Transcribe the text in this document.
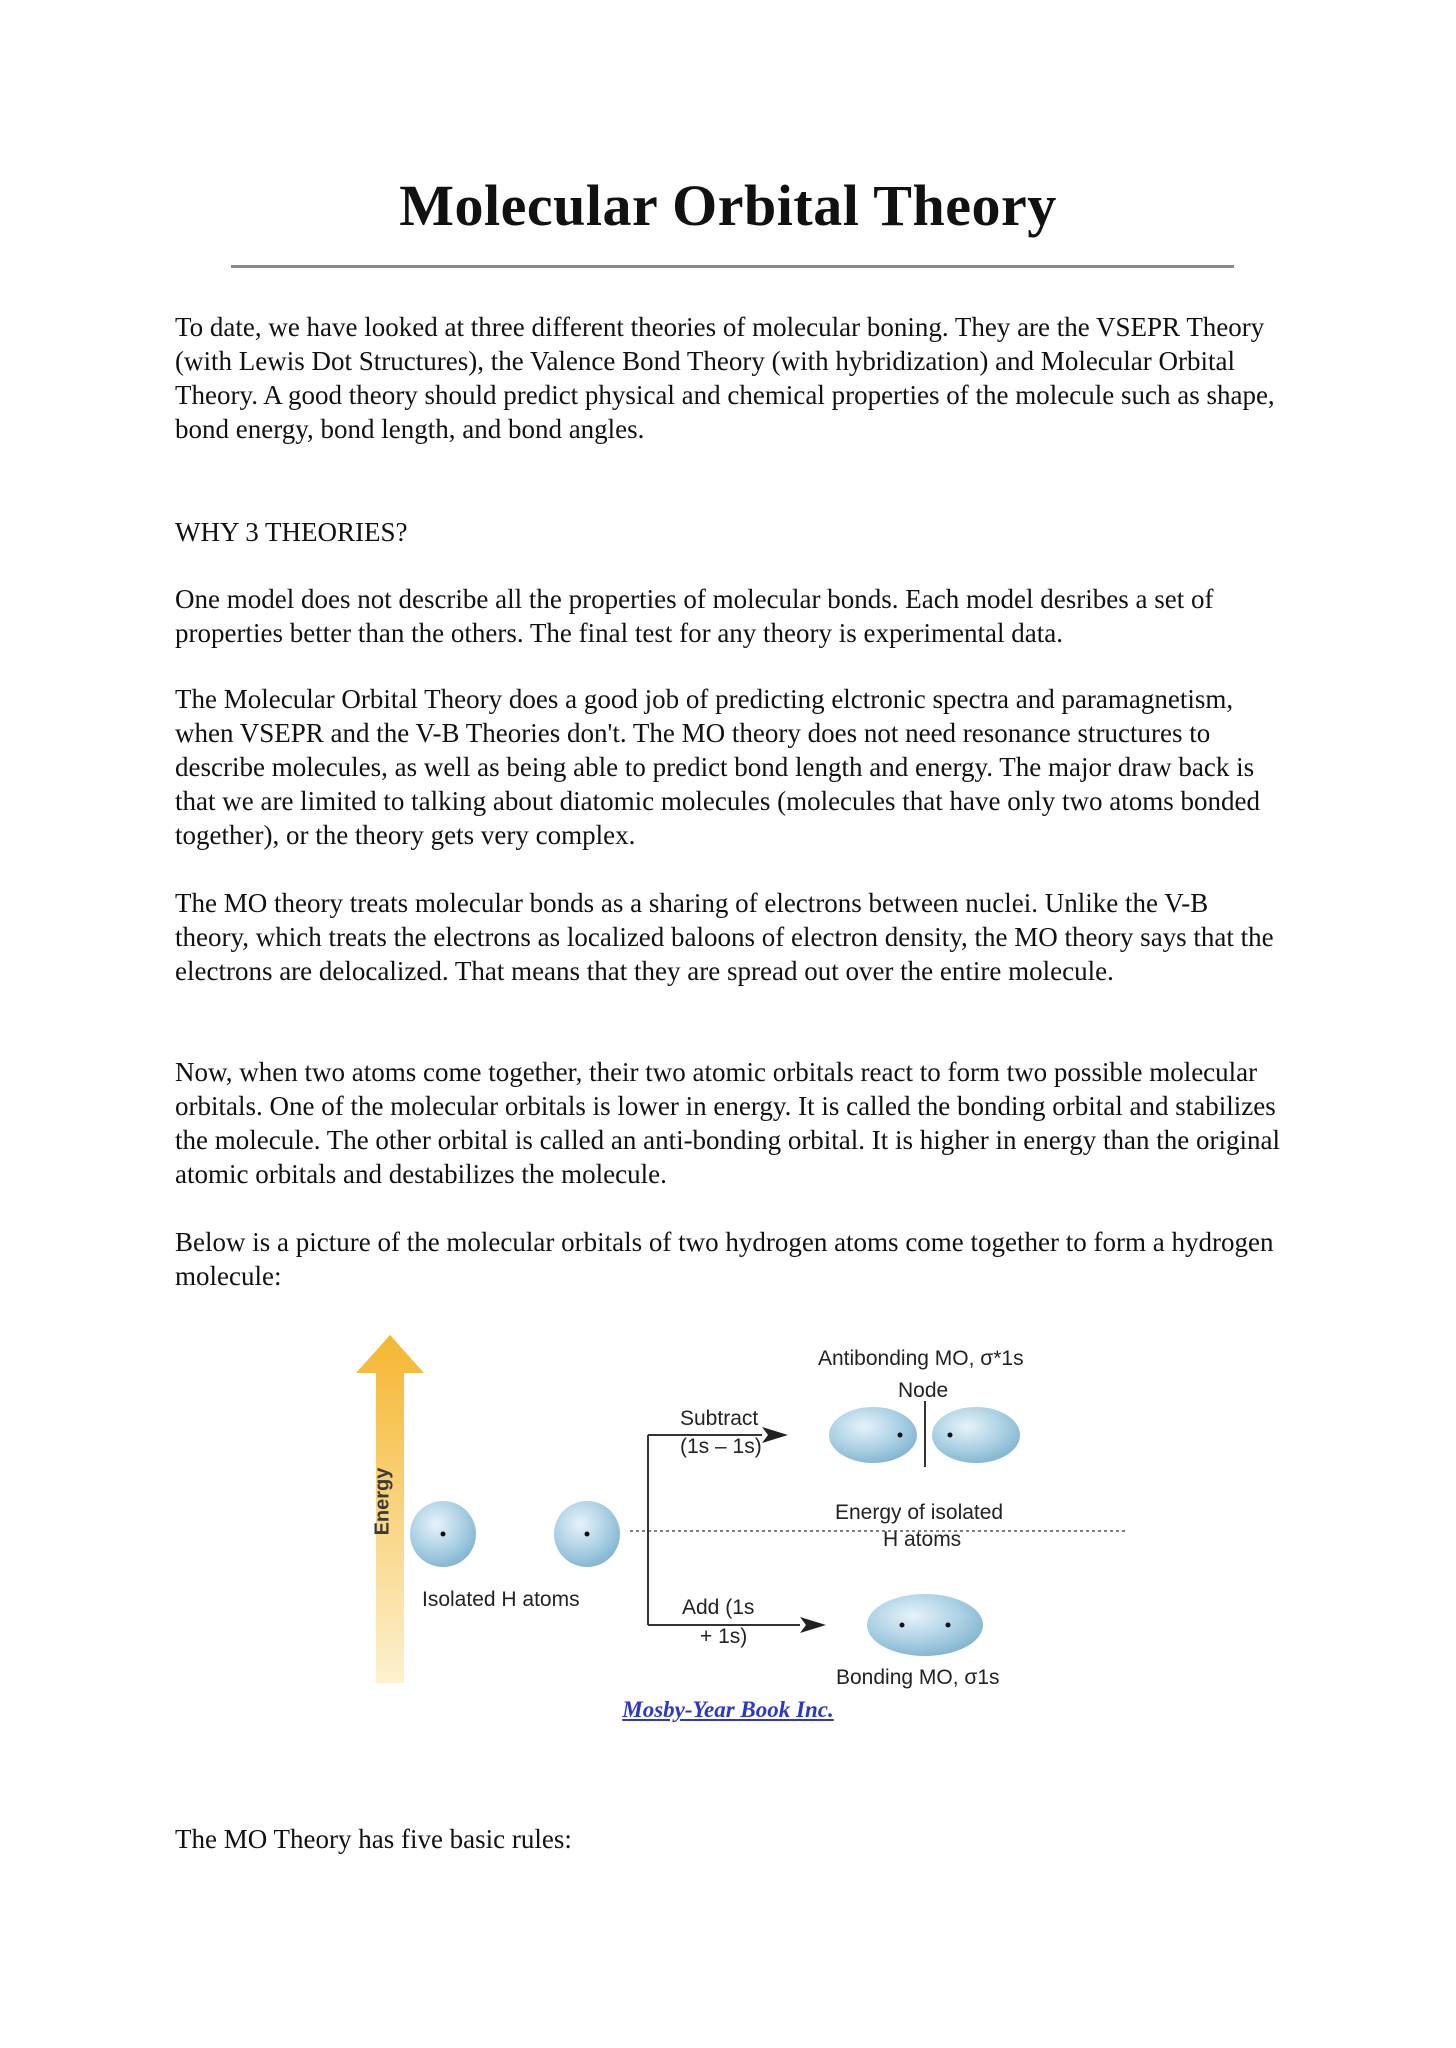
Molecular Orbital Theory

To date, we have looked at three different theories of molecular boning. They are the VSEPR Theory (with Lewis Dot Structures), the Valence Bond Theory (with hybridization) and Molecular Orbital Theory. A good theory should predict physical and chemical properties of the molecule such as shape, bond energy, bond length, and bond angles.

WHY 3 THEORIES?

One model does not describe all the properties of molecular bonds. Each model desribes a set of properties better than the others. The final test for any theory is experimental data.

The Molecular Orbital Theory does a good job of predicting elctronic spectra and paramagnetism, when VSEPR and the V-B Theories don't. The MO theory does not need resonance structures to describe molecules, as well as being able to predict bond length and energy. The major draw back is that we are limited to talking about diatomic molecules (molecules that have only two atoms bonded together), or the theory gets very complex.

The MO theory treats molecular bonds as a sharing of electrons between nuclei. Unlike the V-B theory, which treats the electrons as localized baloons of electron density, the MO theory says that the electrons are delocalized. That means that they are spread out over the entire molecule.

Now, when two atoms come together, their two atomic orbitals react to form two possible molecular orbitals. One of the molecular orbitals is lower in energy. It is called the bonding orbital and stabilizes the molecule. The other orbital is called an anti-bonding orbital. It is higher in energy than the original atomic orbitals and destabilizes the molecule.

Below is a picture of the molecular orbitals of two hydrogen atoms come together to form a hydrogen molecule:

Energy
Antibonding MO, σ*1s
Node
Subtract
(1s – 1s)
Energy of isolated
H atoms
Isolated H atoms	Add (1s
+ 1s)
Bonding MO, σ1s
Mosby-Year Book Inc.

The MO Theory has five basic rules:
